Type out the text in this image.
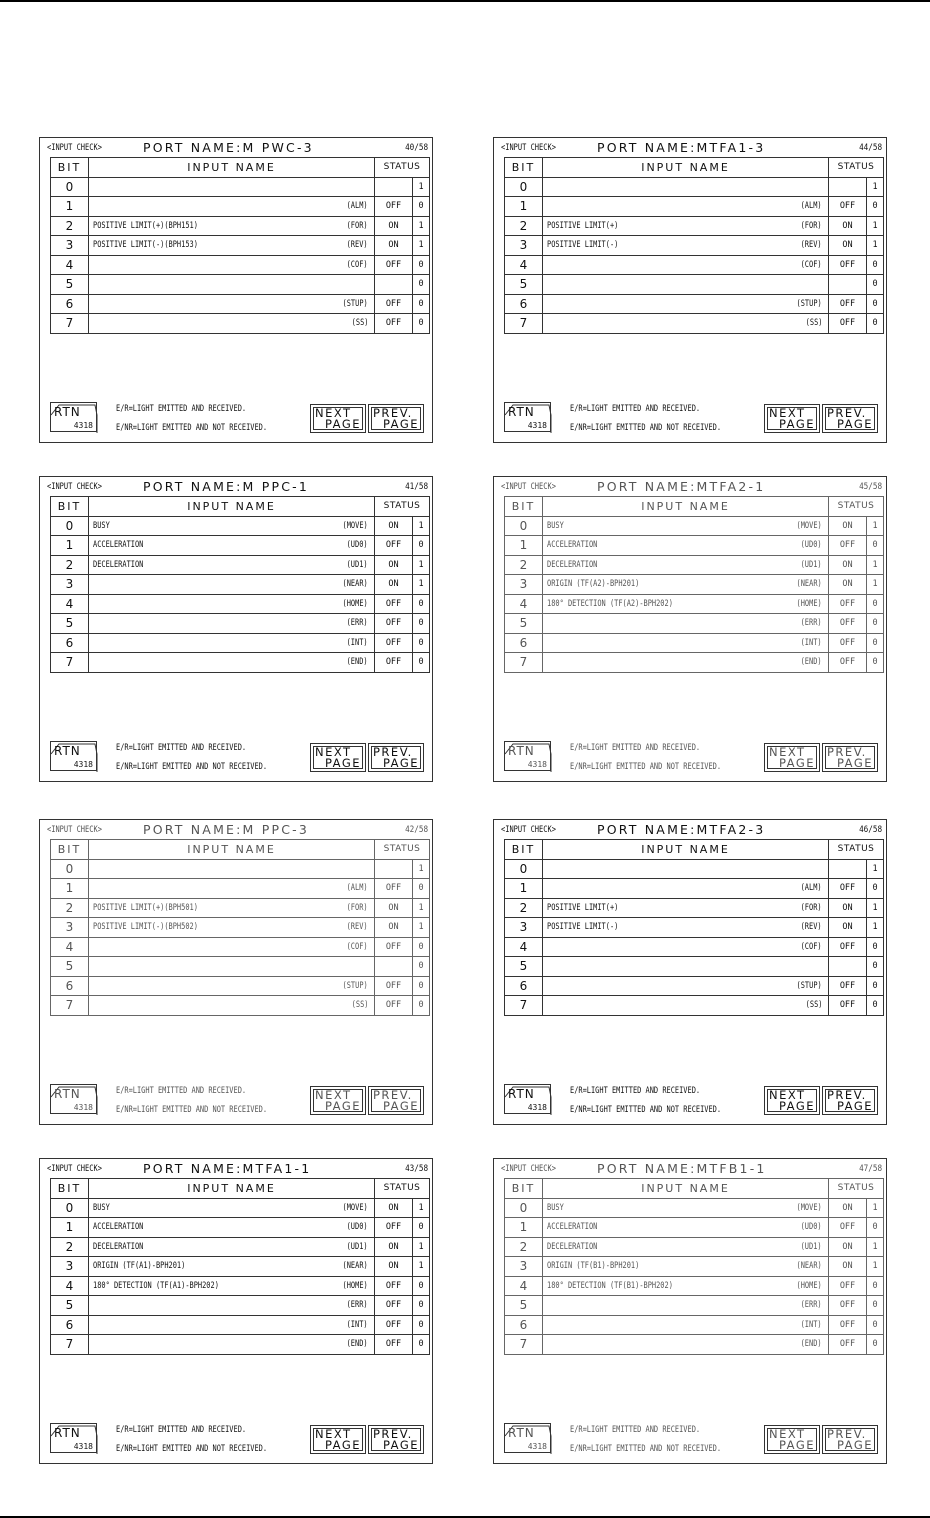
<INPUT CHECK>	PORT NAME:M PWC-3	40/58
BIT	INPUT NAME	STATUS	
0			1
1	(ALM)	OFF	0
2	POSITIVE LIMIT(+)(BPH151) (FOR)	ON	1
3	POSITIVE LIMIT(-)(BPH153) (REV)	ON	1
4	(COF)	OFF	0
5			0
6	(STUP)	OFF	0
7	(SS)	OFF	0
RTN
4318
E/R=LIGHT EMITTED AND RECEIVED.
E/NR=LIGHT EMITTED AND NOT RECEIVED.
NEXT
PAGE
PREV.
PAGE
<INPUT CHECK>	PORT NAME:MTFA1-3	44/58
BIT	INPUT NAME	STATUS	
0			1
1	(ALM)	OFF	0
2	POSITIVE LIMIT(+) (FOR)	ON	1
3	POSITIVE LIMIT(-) (REV)	ON	1
4	(COF)	OFF	0
5			0
6	(STUP)	OFF	0
7	(SS)	OFF	0
RTN
4318
E/R=LIGHT EMITTED AND RECEIVED.
E/NR=LIGHT EMITTED AND NOT RECEIVED.
NEXT
PAGE
PREV.
PAGE
<INPUT CHECK>	PORT NAME:M PPC-1	41/58
BIT	INPUT NAME	STATUS	
0	BUSY (MOVE)	ON	1
1	ACCELERATION (UD0)	OFF	0
2	DECELERATION (UD1)	ON	1
3	(NEAR)	ON	1
4	(HOME)	OFF	0
5	(ERR)	OFF	0
6	(INT)	OFF	0
7	(END)	OFF	0
RTN
4318
E/R=LIGHT EMITTED AND RECEIVED.
E/NR=LIGHT EMITTED AND NOT RECEIVED.
NEXT
PAGE
PREV.
PAGE
<INPUT CHECK>	PORT NAME:MTFA2-1	45/58
BIT	INPUT NAME	STATUS	
0	BUSY (MOVE)	ON	1
1	ACCELERATION (UD0)	OFF	0
2	DECELERATION (UD1)	ON	1
3	ORIGIN (TF(A2)-BPH201) (NEAR)	ON	1
4	180° DETECTION (TF(A2)-BPH202) (HOME)	OFF	0
5	(ERR)	OFF	0
6	(INT)	OFF	0
7	(END)	OFF	0
RTN
4318
E/R=LIGHT EMITTED AND RECEIVED.
E/NR=LIGHT EMITTED AND NOT RECEIVED.
NEXT
PAGE
PREV.
PAGE
<INPUT CHECK>	PORT NAME:M PPC-3	42/58
BIT	INPUT NAME	STATUS	
0			1
1	(ALM)	OFF	0
2	POSITIVE LIMIT(+)(BPH501) (FOR)	ON	1
3	POSITIVE LIMIT(-)(BPH502) (REV)	ON	1
4	(COF)	OFF	0
5			0
6	(STUP)	OFF	0
7	(SS)	OFF	0
RTN
4318
E/R=LIGHT EMITTED AND RECEIVED.
E/NR=LIGHT EMITTED AND NOT RECEIVED.
NEXT
PAGE
PREV.
PAGE
<INPUT CHECK>	PORT NAME:MTFA2-3	46/58
BIT	INPUT NAME	STATUS	
0			1
1	(ALM)	OFF	0
2	POSITIVE LIMIT(+) (FOR)	ON	1
3	POSITIVE LIMIT(-) (REV)	ON	1
4	(COF)	OFF	0
5			0
6	(STUP)	OFF	0
7	(SS)	OFF	0
RTN
4318
E/R=LIGHT EMITTED AND RECEIVED.
E/NR=LIGHT EMITTED AND NOT RECEIVED.
NEXT
PAGE
PREV.
PAGE
<INPUT CHECK>	PORT NAME:MTFA1-1	43/58
BIT	INPUT NAME	STATUS	
0	BUSY (MOVE)	ON	1
1	ACCELERATION (UD0)	OFF	0
2	DECELERATION (UD1)	ON	1
3	ORIGIN (TF(A1)-BPH201) (NEAR)	ON	1
4	180° DETECTION (TF(A1)-BPH202) (HOME)	OFF	0
5	(ERR)	OFF	0
6	(INT)	OFF	0
7	(END)	OFF	0
RTN
4318
E/R=LIGHT EMITTED AND RECEIVED.
E/NR=LIGHT EMITTED AND NOT RECEIVED.
NEXT
PAGE
PREV.
PAGE
<INPUT CHECK>	PORT NAME:MTFB1-1	47/58
BIT	INPUT NAME	STATUS	
0	BUSY (MOVE)	ON	1
1	ACCELERATION (UD0)	OFF	0
2	DECELERATION (UD1)	ON	1
3	ORIGIN (TF(B1)-BPH201) (NEAR)	ON	1
4	180° DETECTION (TF(B1)-BPH202) (HOME)	OFF	0
5	(ERR)	OFF	0
6	(INT)	OFF	0
7	(END)	OFF	0
RTN
4318
E/R=LIGHT EMITTED AND RECEIVED.
E/NR=LIGHT EMITTED AND NOT RECEIVED.
NEXT
PAGE
PREV.
PAGE
